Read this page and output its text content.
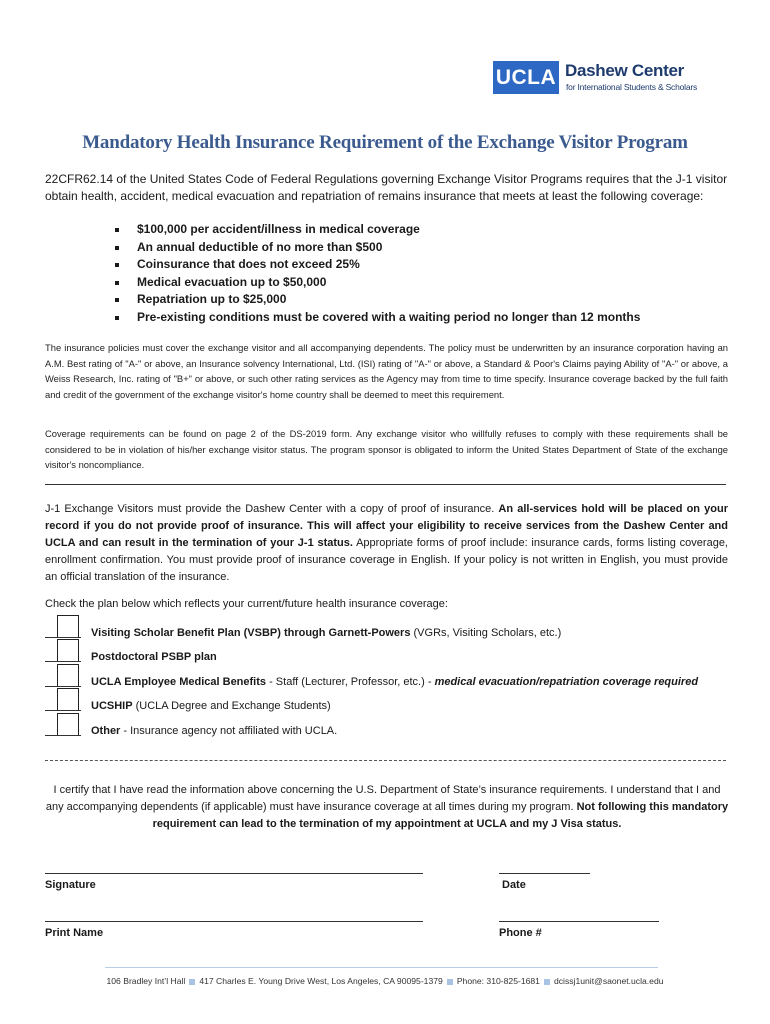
UCLA Dashew Center
for International Students & Scholars
Mandatory Health Insurance Requirement of the Exchange Visitor Program
22CFR62.14 of the United States Code of Federal Regulations governing Exchange Visitor Programs requires that the J-1 visitor obtain health, accident, medical evacuation and repatriation of remains insurance that meets at least the following coverage:
$100,000 per accident/illness in medical coverage
An annual deductible of no more than $500
Coinsurance that does not exceed 25%
Medical evacuation up to $50,000
Repatriation up to $25,000
Pre-existing conditions must be covered with a waiting period no longer than 12 months
The insurance policies must cover the exchange visitor and all accompanying dependents. The policy must be underwritten by an insurance corporation having an A.M. Best rating of "A-" or above, an Insurance solvency International, Ltd. (ISI) rating of "A-" or above, a Standard & Poor's Claims paying Ability of "A-" or above, a Weiss Research, Inc. rating of "B+" or above, or such other rating services as the Agency may from time to time specify. Insurance coverage backed by the full faith and credit of the government of the exchange visitor's home country shall be deemed to meet this requirement.
Coverage requirements can be found on page 2 of the DS-2019 form. Any exchange visitor who willfully refuses to comply with these requirements shall be considered to be in violation of his/her exchange visitor status. The program sponsor is obligated to inform the United States Department of State of the exchange visitor's noncompliance.
J-1 Exchange Visitors must provide the Dashew Center with a copy of proof of insurance. An all-services hold will be placed on your record if you do not provide proof of insurance. This will affect your eligibility to receive services from the Dashew Center and UCLA and can result in the termination of your J-1 status. Appropriate forms of proof include: insurance cards, forms listing coverage, enrollment confirmation. You must provide proof of insurance coverage in English. If your policy is not written in English, you must provide an official translation of the insurance.
Check the plan below which reflects your current/future health insurance coverage:
Visiting Scholar Benefit Plan (VSBP) through Garnett-Powers (VGRs, Visiting Scholars, etc.)
Postdoctoral PSBP plan
UCLA Employee Medical Benefits - Staff (Lecturer, Professor, etc.) - medical evacuation/repatriation coverage required
UCSHIP (UCLA Degree and Exchange Students)
Other - Insurance agency not affiliated with UCLA.
I certify that I have read the information above concerning the U.S. Department of State’s insurance requirements. I understand that I and any accompanying dependents (if applicable) must have insurance coverage at all times during my program. Not following this mandatory requirement can lead to the termination of my appointment at UCLA and my J Visa status.
Signature	Date
Print Name	Phone #
106 Bradley Int’l Hall 417 Charles E. Young Drive West, Los Angeles, CA 90095-1379 Phone: 310-825-1681 dcissj1unit@saonet.ucla.edu
